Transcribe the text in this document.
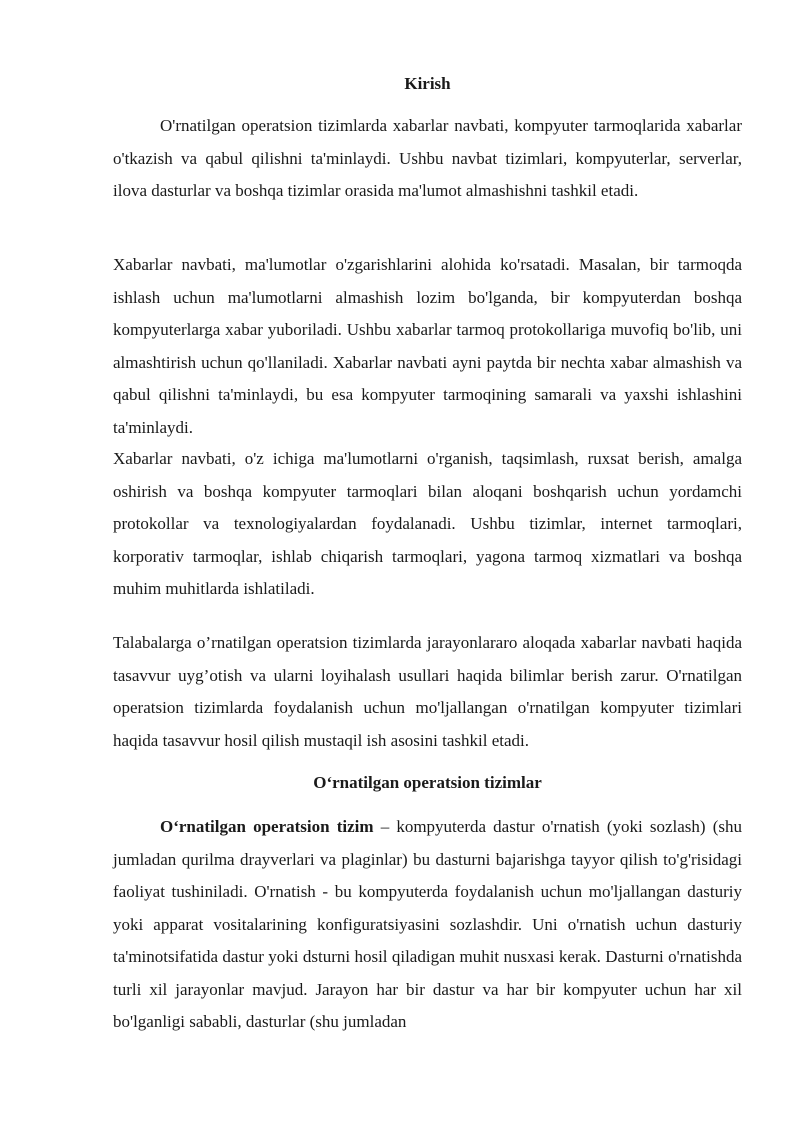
Kirish

O'rnatilgan operatsion tizimlarda xabarlar navbati, kompyuter tarmoqlarida xabarlar o'tkazish va qabul qilishni ta'minlaydi. Ushbu navbat tizimlari, kompyuterlar, serverlar, ilova dasturlar va boshqa tizimlar orasida ma'lumot almashishni tashkil etadi.

Xabarlar navbati, ma'lumotlar o'zgarishlarini alohida ko'rsatadi. Masalan, bir tarmoqda ishlash uchun ma'lumotlarni almashish lozim bo'lganda, bir kompyuterdan boshqa kompyuterlarga xabar yuboriladi. Ushbu xabarlar tarmoq protokollariga muvofiq bo'lib, uni almashtirish uchun qo'llaniladi. Xabarlar navbati ayni paytda bir nechta xabar almashish va qabul qilishni ta'minlaydi, bu esa kompyuter tarmoqining samarali va yaxshi ishlashini ta'minlaydi.

Xabarlar navbati, o'z ichiga ma'lumotlarni o'rganish, taqsimlash, ruxsat berish, amalga oshirish va boshqa kompyuter tarmoqlari bilan aloqani boshqarish uchun yordamchi protokollar va texnologiyalardan foydalanadi. Ushbu tizimlar, internet tarmoqlari, korporativ tarmoqlar, ishlab chiqarish tarmoqlari, yagona tarmoq xizmatlari va boshqa muhim muhitlarda ishlatiladi.

Talabalarga o’rnatilgan operatsion tizimlarda jarayonlararo aloqada xabarlar navbati haqida tasavvur uyg’otish va ularni loyihalash usullari haqida bilimlar berish zarur. O'rnatilgan operatsion tizimlarda foydalanish uchun mo'ljallangan o'rnatilgan kompyuter tizimlari haqida tasavvur hosil qilish mustaqil ish asosini tashkil etadi.

O‘rnatilgan operatsion tizimlar

O‘rnatilgan operatsion tizim – kompyuterda dastur o'rnatish (yoki sozlash) (shu jumladan qurilma drayverlari va plaginlar) bu dasturni bajarishga tayyor qilish to'g'risidagi faoliyat tushiniladi. O'rnatish - bu kompyuterda foydalanish uchun mo'ljallangan dasturiy yoki apparat vositalarining konfiguratsiyasini sozlashdir. Uni o'rnatish uchun dasturiy ta'minotsifatida dastur yoki dsturni hosil qiladigan muhit nusxasi kerak. Dasturni o'rnatishda turli xil jarayonlar mavjud. Jarayon har bir dastur va har bir kompyuter uchun har xil bo'lganligi sababli, dasturlar (shu jumladan
